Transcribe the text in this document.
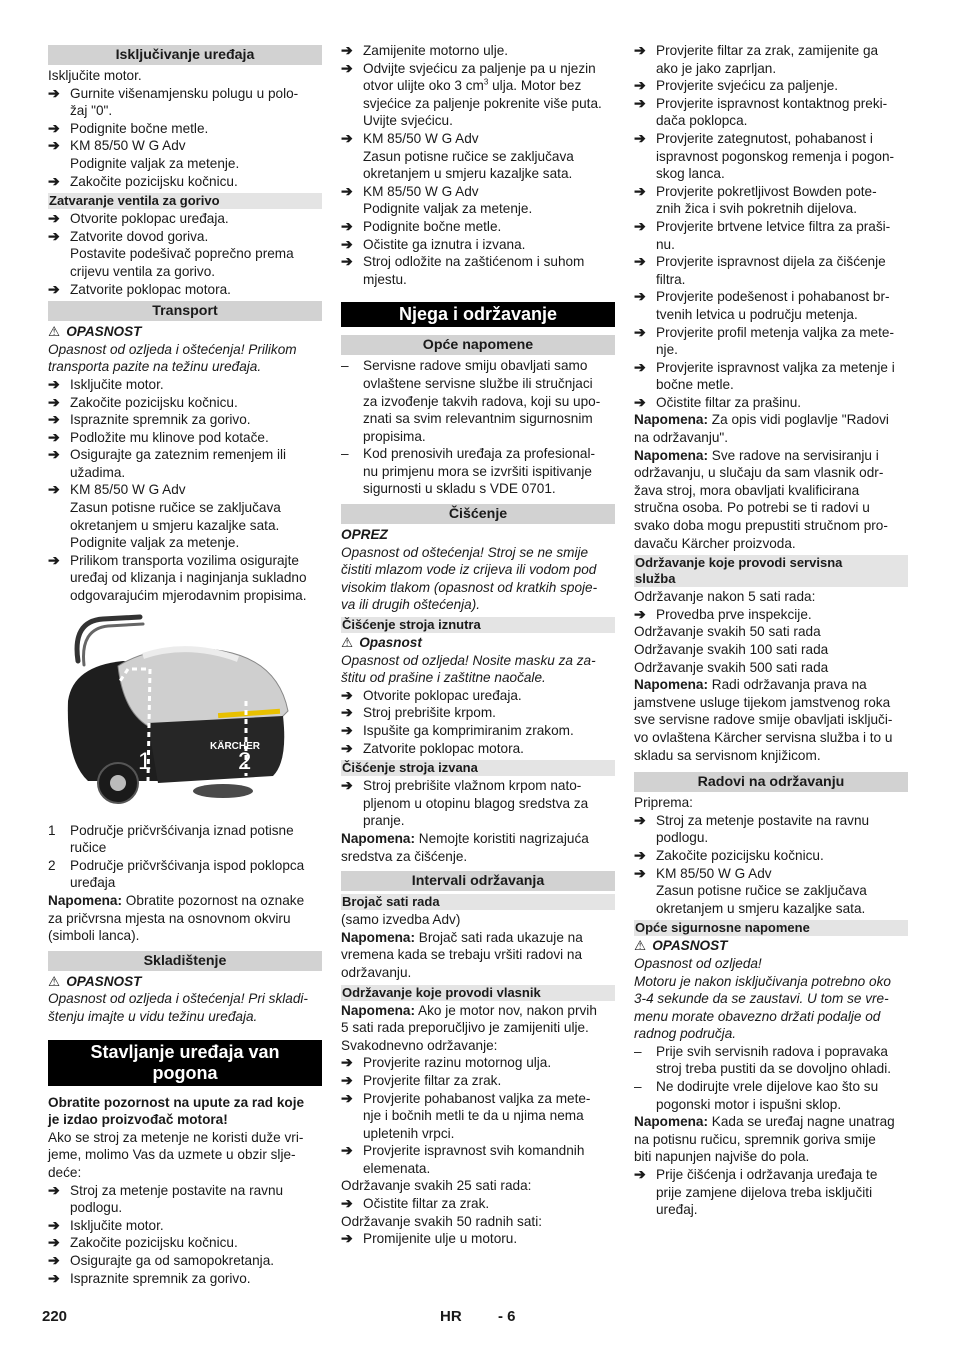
Isključivanje uređaja

Isključite motor.

➔ Gurnite višenamjensku polugu u polo-
žaj "0".
➔ Podignite bočne metle.
➔ KM 85/50 W G Adv
Podignite valjak za metenje.
➔ Zakočite pozicijsku kočnicu.
Zatvaranje ventila za gorivo
➔ Otvorite poklopac uređaja.
➔ Zatvorite dovod goriva.
Postavite podešivač poprečno prema
crijevu ventila za gorivo.
➔ Zatvorite poklopac motora.
Transport
⚠ OPASNOST

Opasnost od ozljeda i oštećenja! Prilikom

transporta pazite na težinu uređaja.

➔ Isključite motor.
➔ Zakočite pozicijsku kočnicu.
➔ Ispraznite spremnik za gorivo.
➔ Podložite mu klinove pod kotače.
➔ Osigurajte ga zateznim remenjem ili
užadima.
➔ KM 85/50 W G Adv
Zasun potisne ručice se zaključava
okretanjem u smjeru kazaljke sata.
Podignite valjak za metenje.
➔ Prilikom transporta vozilima osigurajte
uređaj od klizanja i naginjanja sukladno
odgovarajućim mjerodavnim propisima.
KÄRCHER
1	2
1 Područje pričvršćivanja iznad potisne
ručice
2 Područje pričvršćivanja ispod poklopca
uređaja

Napomena: Obratite pozornost na oznake

za pričvrsna mjesta na osnovnom okviru

(simboli lanca).

Skladištenje
⚠ OPASNOST

Opasnost od ozljeda i oštećenja! Pri skladi-

štenju imajte u vidu težinu uređaja.

Stavljanje uređaja van
pogona

Obratite pozornost na upute za rad koje

je izdao proizvođač motora!

Ako se stroj za metenje ne koristi duže vri-

jeme, molimo Vas da uzmete u obzir slje-

deće:

➔ Stroj za metenje postavite na ravnu
podlogu.
➔ Isključite motor.
➔ Zakočite pozicijsku kočnicu.
➔ Osigurajte ga od samopokretanja.
➔ Ispraznite spremnik za gorivo.
➔ Zamijenite motorno ulje.
➔ Odvijte svjećicu za paljenje pa u njezin
otvor ulijte oko 3 $cm^3$ ulja. Motor bez
svjećice za paljenje pokrenite više puta.
Uvijte svjećicu.
➔ KM 85/50 W G Adv
Zasun potisne ručice se zaključava
okretanjem u smjeru kazaljke sata.
➔ KM 85/50 W G Adv
Podignite valjak za metenje.
➔ Podignite bočne metle.
➔ Očistite ga iznutra i izvana.
➔ Stroj odložite na zaštićenom i suhom
mjestu.
Njega i održavanje
Opće napomene
– Servisne radove smiju obavljati samo
ovlaštene servisne službe ili stručnjaci
za izvođenje takvih radova, koji su upo-
znati sa svim relevantnim sigurnosnim
propisima.
– Kod prenosivih uređaja za profesional-
nu primjenu mora se izvršiti ispitivanje
sigurnosti u skladu s VDE 0701.
Čišćenje
OPREZ

Opasnost od oštećenja! Stroj se ne smije

čistiti mlazom vode iz crijeva ili vodom pod

visokim tlakom (opasnost od kratkih spoje-

va ili drugih oštećenja).

Čišćenje stroja iznutra
⚠ Opasnost

Opasnost od ozljeda! Nosite masku za za-

štitu od prašine i zaštitne naočale.

➔ Otvorite poklopac uređaja.
➔ Stroj prebrišite krpom.
➔ Ispušite ga komprimiranim zrakom.
➔ Zatvorite poklopac motora.
Čišćenje stroja izvana
➔ Stroj prebrišite vlažnom krpom nato-
pljenom u otopinu blagog sredstva za
pranje.

Napomena: Nemojte koristiti nagrizajuća

sredstva za čišćenje.

Intervali održavanja
Brojač sati rada

(samo izvedba Adv)

Napomena: Brojač sati rada ukazuje na

vremena kada se trebaju vršiti radovi na

održavanju.

Održavanje koje provodi vlasnik

Napomena: Ako je motor nov, nakon prvih

5 sati rada preporučljivo je zamijeniti ulje.

Svakodnevno održavanje:

➔ Provjerite razinu motornog ulja.
➔ Provjerite filtar za zrak.
➔ Provjerite pohabanost valjka za mete-
nje i bočnih metli te da u njima nema
upletenih vrpci.
➔ Provjerite ispravnost svih komandnih
elemenata.

Održavanje svakih 25 sati rada:

➔ Očistite filtar za zrak.

Održavanje svakih 50 radnih sati:

➔ Promijenite ulje u motoru.
➔ Provjerite filtar za zrak, zamijenite ga
ako je jako zaprljan.
➔ Provjerite svjećicu za paljenje.
➔ Provjerite ispravnost kontaktnog preki-
dača poklopca.
➔ Provjerite zategnutost, pohabanost i
ispravnost pogonskog remenja i pogon-
skog lanca.
➔ Provjerite pokretljivost Bowden pote-
znih žica i svih pokretnih dijelova.
➔ Provjerite brtvene letvice filtra za praši-
nu.
➔ Provjerite ispravnost dijela za čišćenje
filtra.
➔ Provjerite podešenost i pohabanost br-
tvenih letvica u području metenja.
➔ Provjerite profil metenja valjka za mete-
nje.
➔ Provjerite ispravnost valjka za metenje i
bočne metle.
➔ Očistite filtar za prašinu.

Napomena: Za opis vidi poglavlje "Radovi

na održavanju".

Napomena: Sve radove na servisiranju i

održavanju, u slučaju da sam vlasnik odr-

žava stroj, mora obavljati kvalificirana

stručna osoba. Po potrebi se ti radovi u

svako doba mogu prepustiti stručnom pro-

davaču Kärcher proizvoda.

Održavanje koje provodi servisna
služba

Održavanje nakon 5 sati rada:

➔ Provedba prve inspekcije.

Održavanje svakih 50 sati rada

Održavanje svakih 100 sati rada

Održavanje svakih 500 sati rada

Napomena: Radi održavanja prava na

jamstvene usluge tijekom jamstvenog roka

sve servisne radove smije obavljati isključi-

vo ovlaštena Kärcher servisna služba i to u

skladu sa servisnom knjižicom.

Radovi na održavanju

Priprema:

➔ Stroj za metenje postavite na ravnu
podlogu.
➔ Zakočite pozicijsku kočnicu.
➔ KM 85/50 W G Adv
Zasun potisne ručice se zaključava
okretanjem u smjeru kazaljke sata.
Opće sigurnosne napomene
⚠ OPASNOST

Opasnost od ozljeda!

Motoru je nakon isključivanja potrebno oko

3-4 sekunde da se zaustavi. U tom se vre-

menu morate obavezno držati podalje od

radnog područja.

– Prije svih servisnih radova i popravaka
stroj treba pustiti da se dovoljno ohladi.
– Ne dodirujte vrele dijelove kao što su
pogonski motor i ispušni sklop.

Napomena: Kada se uređaj nagne unatrag

na potisnu ručicu, spremnik goriva smije

biti napunjen najviše do pola.

➔ Prije čišćenja i održavanja uređaja te
prije zamjene dijelova treba isključiti
uređaj.
220	HR - 6
